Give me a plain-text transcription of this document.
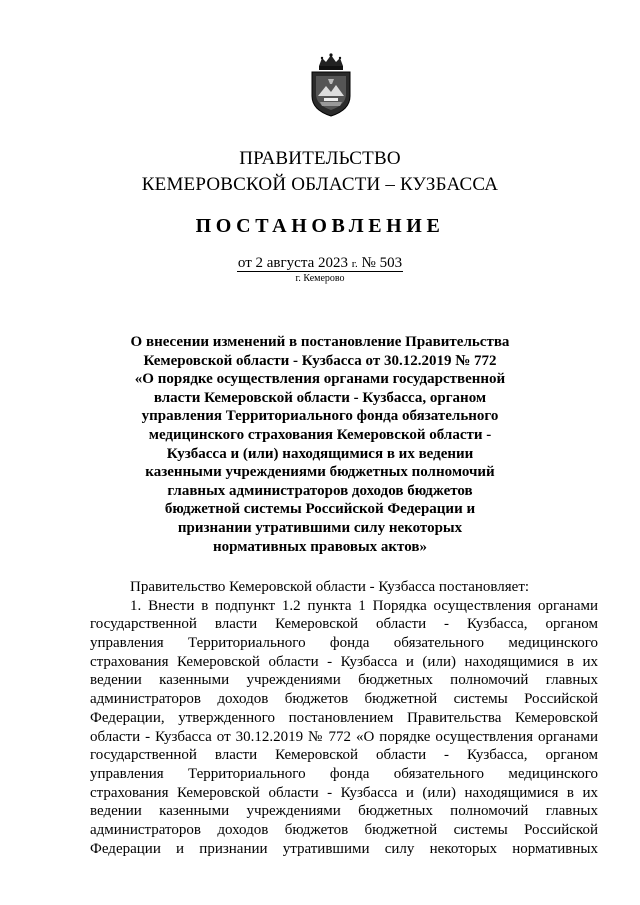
ПРАВИТЕЛЬСТВО
КЕМЕРОВСКОЙ ОБЛАСТИ – КУЗБАССА
ПОСТАНОВЛЕНИЕ
от 2 августа 2023 г. № 503
г. Кемерово
О внесении изменений в постановление Правительства
Кемеровской области - Кузбасса от 30.12.2019 № 772
«О порядке осуществления органами государственной
власти Кемеровской области - Кузбасса, органом
управления Территориального фонда обязательного
медицинского страхования Кемеровской области -
Кузбасса и (или) находящимися в их ведении
казенными учреждениями бюджетных полномочий
главных администраторов доходов бюджетов
бюджетной системы Российской Федерации и
признании утратившими силу некоторых
нормативных правовых актов»
Правительство Кемеровской области - Кузбасса постановляет:
1. Внести в подпункт 1.2 пункта 1 Порядка осуществления органами
государственной власти Кемеровской области - Кузбасса, органом
управления Территориального фонда обязательного медицинского
страхования Кемеровской области - Кузбасса и (или) находящимися в их
ведении казенными учреждениями бюджетных полномочий главных
администраторов доходов бюджетов бюджетной системы Российской
Федерации, утвержденного постановлением Правительства Кемеровской
области - Кузбасса от 30.12.2019 № 772 «О порядке осуществления органами
государственной власти Кемеровской области - Кузбасса, органом
управления Территориального фонда обязательного медицинского
страхования Кемеровской области - Кузбасса и (или) находящимися в их
ведении казенными учреждениями бюджетных полномочий главных
администраторов доходов бюджетов бюджетной системы Российской
Федерации и признании утратившими силу некоторых нормативных
